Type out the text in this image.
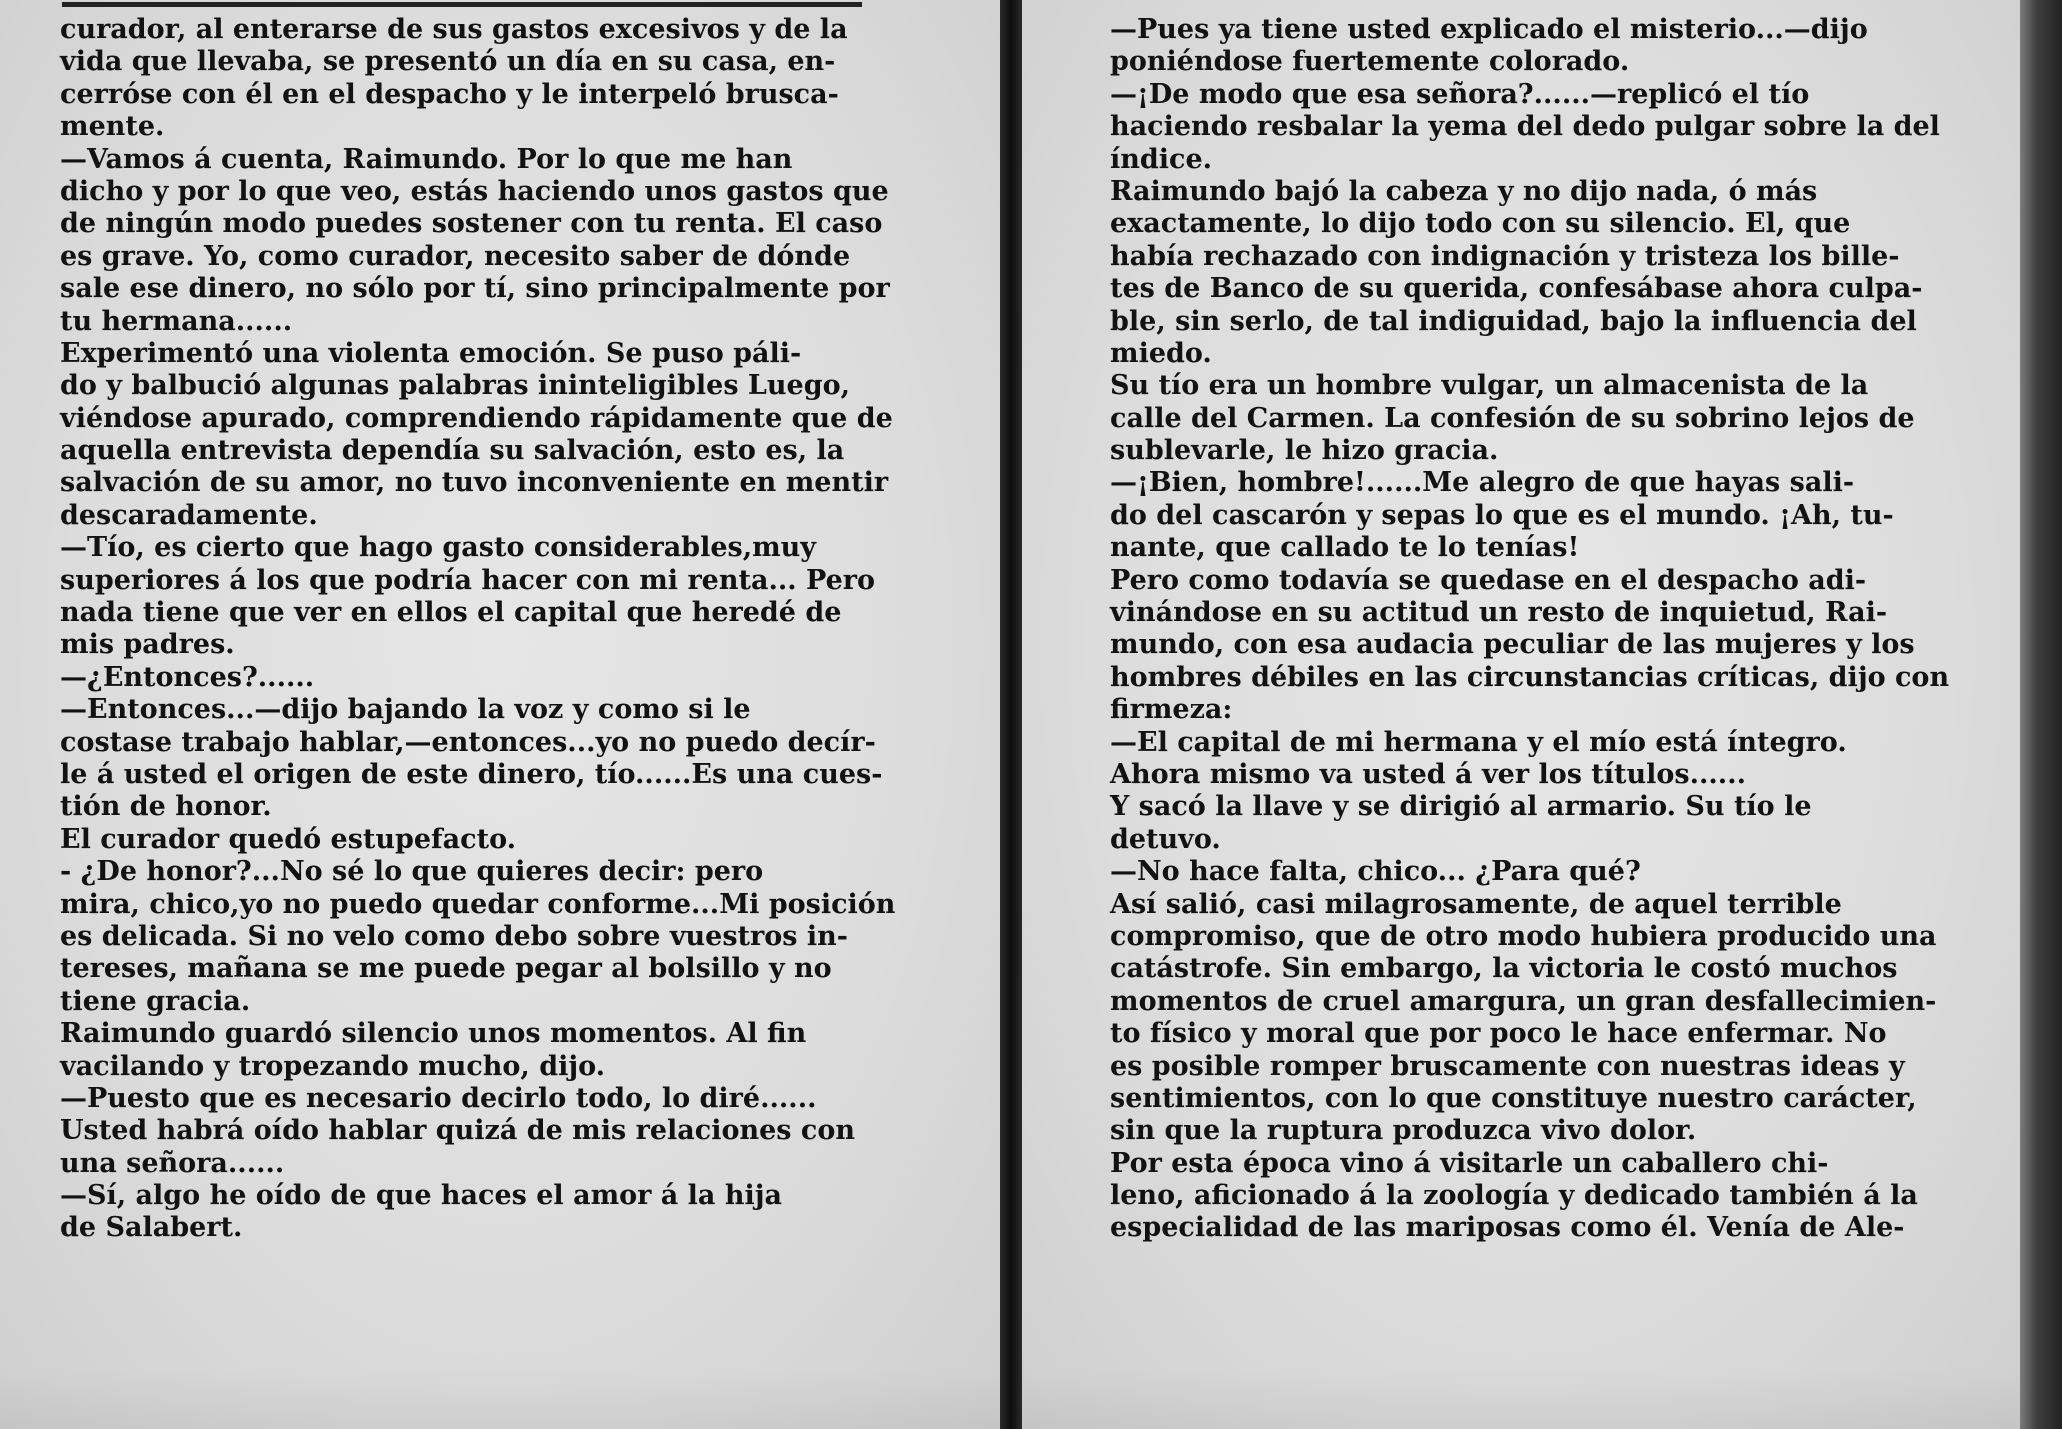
curador, al enterarse de sus gastos excesivos y de la
vida que llevaba, se presentó un día en su casa, en-
cerróse con él en el despacho y le interpeló brusca-
mente.
—Vamos á cuenta, Raimundo. Por lo que me han
dicho y por lo que veo, estás haciendo unos gastos que
de ningún modo puedes sostener con tu renta. El caso
es grave. Yo, como curador, necesito saber de dónde
sale ese dinero, no sólo por tí, sino principalmente por
tu hermana......
Experimentó una violenta emoción. Se puso páli-
do y balbució algunas palabras ininteligibles Luego,
viéndose apurado, comprendiendo rápidamente que de
aquella entrevista dependía su salvación, esto es, la
salvación de su amor, no tuvo inconveniente en mentir
descaradamente.
—Tío, es cierto que hago gasto considerables,muy
superiores á los que podría hacer con mi renta... Pero
nada tiene que ver en ellos el capital que heredé de
mis padres.
—¿Entonces?......
—Entonces...—dijo bajando la voz y como si le
costase trabajo hablar,—entonces...yo no puedo decír-
le á usted el origen de este dinero, tío......Es una cues-
tión de honor.
El curador quedó estupefacto.
- ¿De honor?...No sé lo que quieres decir: pero
mira, chico,yo no puedo quedar conforme...Mi posición
es delicada. Si no velo como debo sobre vuestros in-
tereses, mañana se me puede pegar al bolsillo y no
tiene gracia.
Raimundo guardó silencio unos momentos. Al fin
vacilando y tropezando mucho, dijo.
—Puesto que es necesario decirlo todo, lo diré......
Usted habrá oído hablar quizá de mis relaciones con
una señora......
—Sí, algo he oído de que haces el amor á la hija
de Salabert.
—Pues ya tiene usted explicado el misterio...—dijo
poniéndose fuertemente colorado.
—¡De modo que esa señora?......—replicó el tío
haciendo resbalar la yema del dedo pulgar sobre la del
índice.
Raimundo bajó la cabeza y no dijo nada, ó más
exactamente, lo dijo todo con su silencio. El, que
había rechazado con indignación y tristeza los bille-
tes de Banco de su querida, confesábase ahora culpa-
ble, sin serlo, de tal indiguidad, bajo la influencia del
miedo.
Su tío era un hombre vulgar, un almacenista de la
calle del Carmen. La confesión de su sobrino lejos de
sublevarle, le hizo gracia.
—¡Bien, hombre!......Me alegro de que hayas sali-
do del cascarón y sepas lo que es el mundo. ¡Ah, tu-
nante, que callado te lo tenías!
Pero como todavía se quedase en el despacho adi-
vinándose en su actitud un resto de inquietud, Rai-
mundo, con esa audacia peculiar de las mujeres y los
hombres débiles en las circunstancias críticas, dijo con
firmeza:
—El capital de mi hermana y el mío está íntegro.
Ahora mismo va usted á ver los títulos......
Y sacó la llave y se dirigió al armario. Su tío le
detuvo.
—No hace falta, chico... ¿Para qué?
Así salió, casi milagrosamente, de aquel terrible
compromiso, que de otro modo hubiera producido una
catástrofe. Sin embargo, la victoria le costó muchos
momentos de cruel amargura, un gran desfallecimien-
to físico y moral que por poco le hace enfermar. No
es posible romper bruscamente con nuestras ideas y
sentimientos, con lo que constituye nuestro carácter,
sin que la ruptura produzca vivo dolor.
Por esta época vino á visitarle un caballero chi-
leno, aficionado á la zoología y dedicado también á la
especialidad de las mariposas como él. Venía de Ale-
